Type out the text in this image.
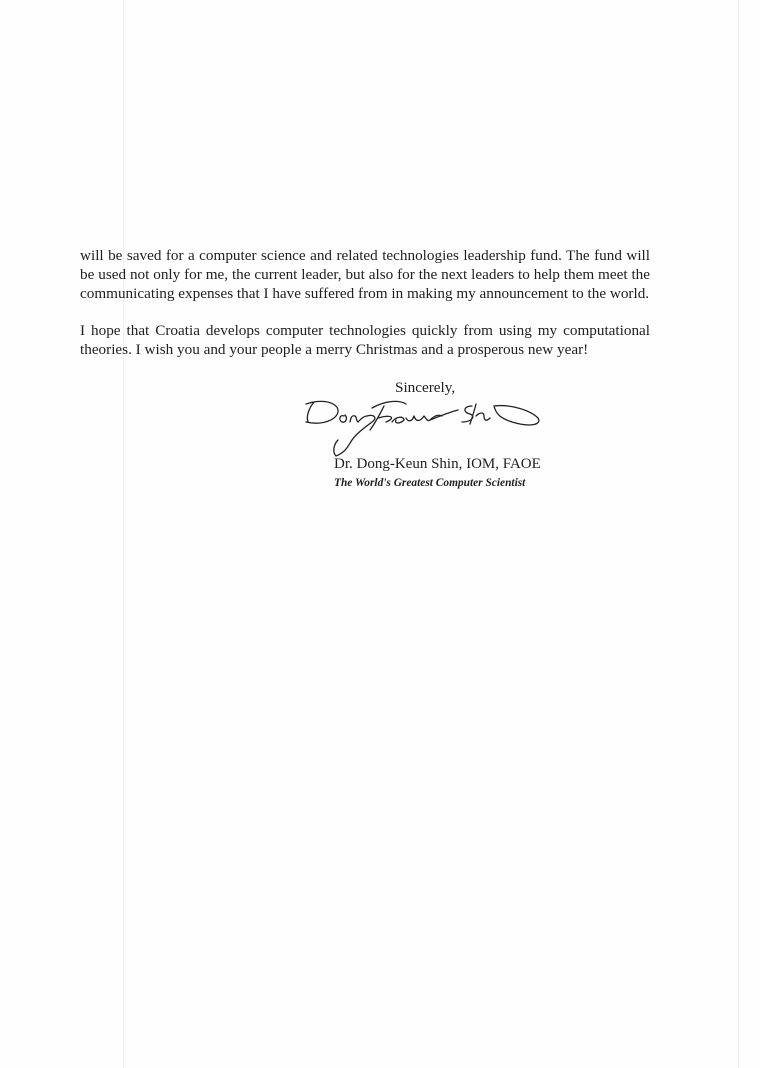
will be saved for a computer science and related technologies leadership fund. The fund will be used not only for me, the current leader, but also for the next leaders to help them meet the communicating expenses that I have suffered from in making my announcement to the world.

I hope that Croatia develops computer technologies quickly from using my computational theories. I wish you and your people a merry Christmas and a prosperous new year!

Sincerely,

Dr. Dong-Keun Shin, IOM, FAOE

The World's Greatest Computer Scientist
